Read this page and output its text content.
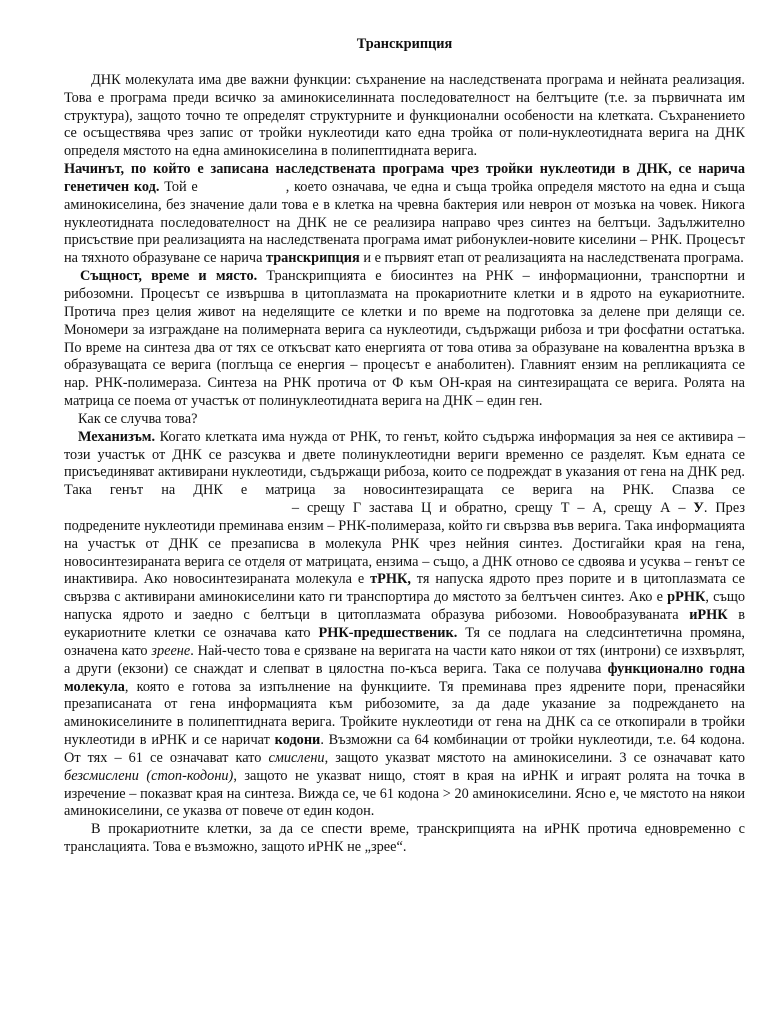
Транскрипция

ДНК молекулата има две важни функции: съхранение на наследствената програма и нейната реализация. Това е програма преди всичко за аминокиселинната последователност на белтъците (т.е. за първичната им структура), защото точно те определят структурните и функционални особености на клетката. Съхранението се осъществява чрез запис от тройки нуклеотиди като една тройка от поли-нуклеотидната верига на ДНК определя мястото на една аминокиселина в полипептидната верига.

Начинът, по който е записана наследствената програма чрез тройки нуклеотиди в ДНК, се нарича генетичен код. Той е	, което означава, че една и съща тройка определя мястото на една и съща аминокиселина, без значение дали това е в клетка на чревна бактерия или неврон от мозъка на човек. Никога нуклеотидната последователност на ДНК не се реализира направо чрез синтез на белтъци. Задължително присъствие при реализацията на наследствената програма имат рибонуклеи-новите киселини – РНК. Процесът на тяхното образуване се нарича транскрипция и е първият етап от реализацията на наследствената програма.

Същност, време и място. Транскрипцията е биосинтез на РНК – информационни, транспортни и рибозомни. Процесът се извършва в цитоплазмата на прокариотните клетки и в ядрото на еукариотните. Протича през целия живот на неделящите се клетки и по време на подготовка за делене при делящи се. Мономери за изграждане на полимерната верига са нуклеотиди, съдържащи рибоза и три фосфатни остатъка. По време на синтеза два от тях се откъсват като енергията от това отива за образуване на ковалентна връзка в образуващата се верига (поглъща се енергия – процесът е анаболитен). Главният ензим на репликацията се нар. РНК-полимераза. Синтеза на РНК протича от Ф към ОН-края на синтезиращата се верига. Ролята на матрица се поема от участък от полинуклеотидната верига на ДНК – един ген.

Как се случва това?

Механизъм. Когато клетката има нужда от РНК, то генът, който съдържа информация за нея се активира – този участък от ДНК се разсуква и двете полинуклеотидни вериги временно се разделят. Към едната се присъединяват активирани нуклеотиди, съдържащи рибоза, които се подреждат в указания от гена на ДНК ред. Така генът на ДНК е матрица за новосинтезиращата се верига на РНК. Спазва се  – срещу Г застава Ц и обратно, срещу Т – А, срещу А – У. През подредените нуклеотиди преминава ензим – РНК-полимераза, който ги свързва във верига. Така информацията на участък от ДНК се презаписва в молекула РНК чрез нейния синтез. Достигайки края на гена, новосинтезираната верига се отделя от матрицата, ензима – също, а ДНК отново се сдвоява и усуква – генът се инактивира. Ако новосинтезираната молекула е тРНК, тя напуска ядрото през порите и в цитоплазмата се свързва с активирани аминокиселини като ги транспортира до мястото за белтъчен синтез. Ако е рРНК, също напуска ядрото и заедно с белтъци в цитоплазмата образува рибозоми. Новообразуваната иРНК в еукариотните клетки се означава като РНК-предшественик. Тя се подлага на следсинтетична промяна, означена като зреене. Най-често това е срязване на веригата на части като някои от тях (интрони) се изхвърлят, а други (екзони) се снаждат и слепват в цялостна по-къса верига. Така се получава функционално годна молекула, която е готова за изпълнение на функциите. Тя преминава през ядрените пори, пренасяйки презаписаната от гена информацията към рибозомите, за да даде указание за подреждането на аминокиселините в полипептидната верига. Тройките нуклеотиди от гена на ДНК са се откопирали в тройки нуклеотиди в иРНК и се наричат кодони. Възможни са 64 комбинации от тройки нуклеотиди, т.е. 64 кодона. От тях – 61 се означават като смислени, защото указват мястото на аминокиселини. 3 се означават като безсмислени (стоп-кодони), защото не указват нищо, стоят в края на иРНК и играят ролята на точка в изречение – показват края на синтеза. Виждa се, че 61 кодона > 20 аминокиселини. Ясно е, че мястото на някои аминокиселини, се указва от повече от един кодон.

В прокариотните клетки, за да се спести време, транскрипцията на иРНК протича едновременно с транслацията. Това е възможно, защото иРНК не „зрее“.
